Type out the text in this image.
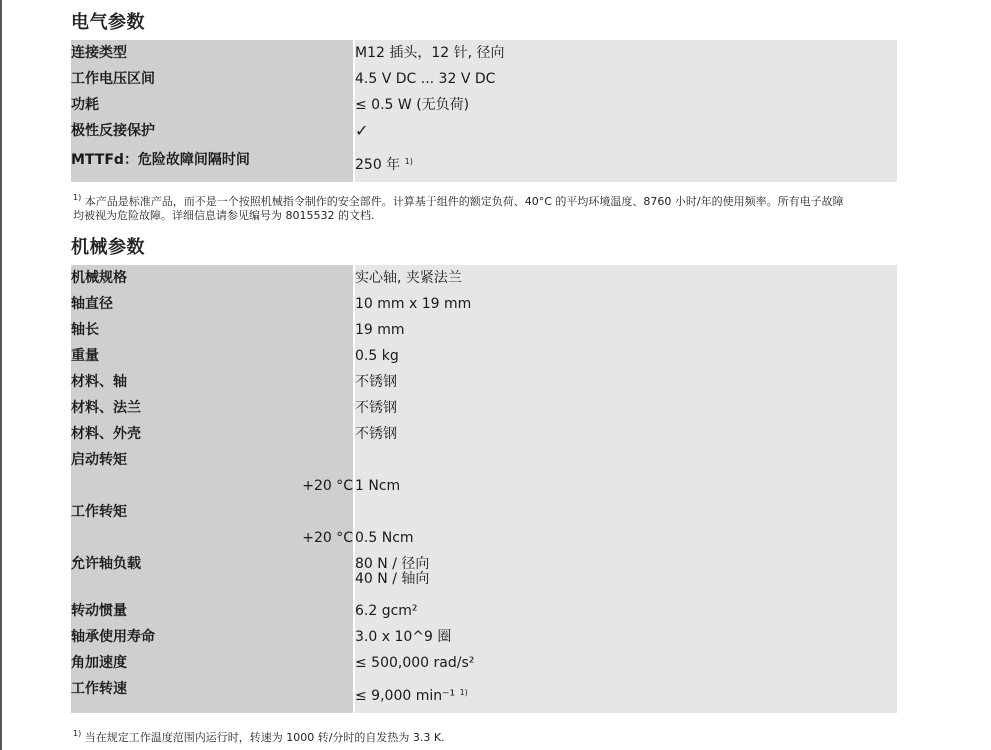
电气参数
连接类型	M12 插头，12 针, 径向
工作电压区间	4.5 V DC ... 32 V DC
功耗	≤ 0.5 W (无负荷)
极性反接保护	✓
MTTFd：危险故障间隔时间	250 年 $^{1)}$
$^{1)}$ 本产品是标准产品，而不是一个按照机械指令制作的安全部件。计算基于组件的额定负荷、40°C 的平均环境温度、8760 小时/年的使用频率。所有电子故障
均被视为危险故障。详细信息请参见编号为 8015532 的文档.
机械参数
机械规格	实心轴, 夹紧法兰
轴直径	10 mm x 19 mm
轴长	19 mm
重量	0.5 kg
材料、轴	不锈钢
材料、法兰	不锈钢
材料、外壳	不锈钢
启动转矩	
+20 °C	1 Ncm
工作转矩	
+20 °C	0.5 Ncm
允许轴负载	80 N / 径向
40 N / 轴向

转动惯量	6.2 gcm²
轴承使用寿命	3.0 x 10^9 圈
角加速度	≤ 500,000 rad/s²
工作转速	≤ 9,000 min⁻¹ $^{1)}$
$^{1)}$ 当在规定工作温度范围内运行时，转速为 1000 转/分时的自发热为 3.3 K.
